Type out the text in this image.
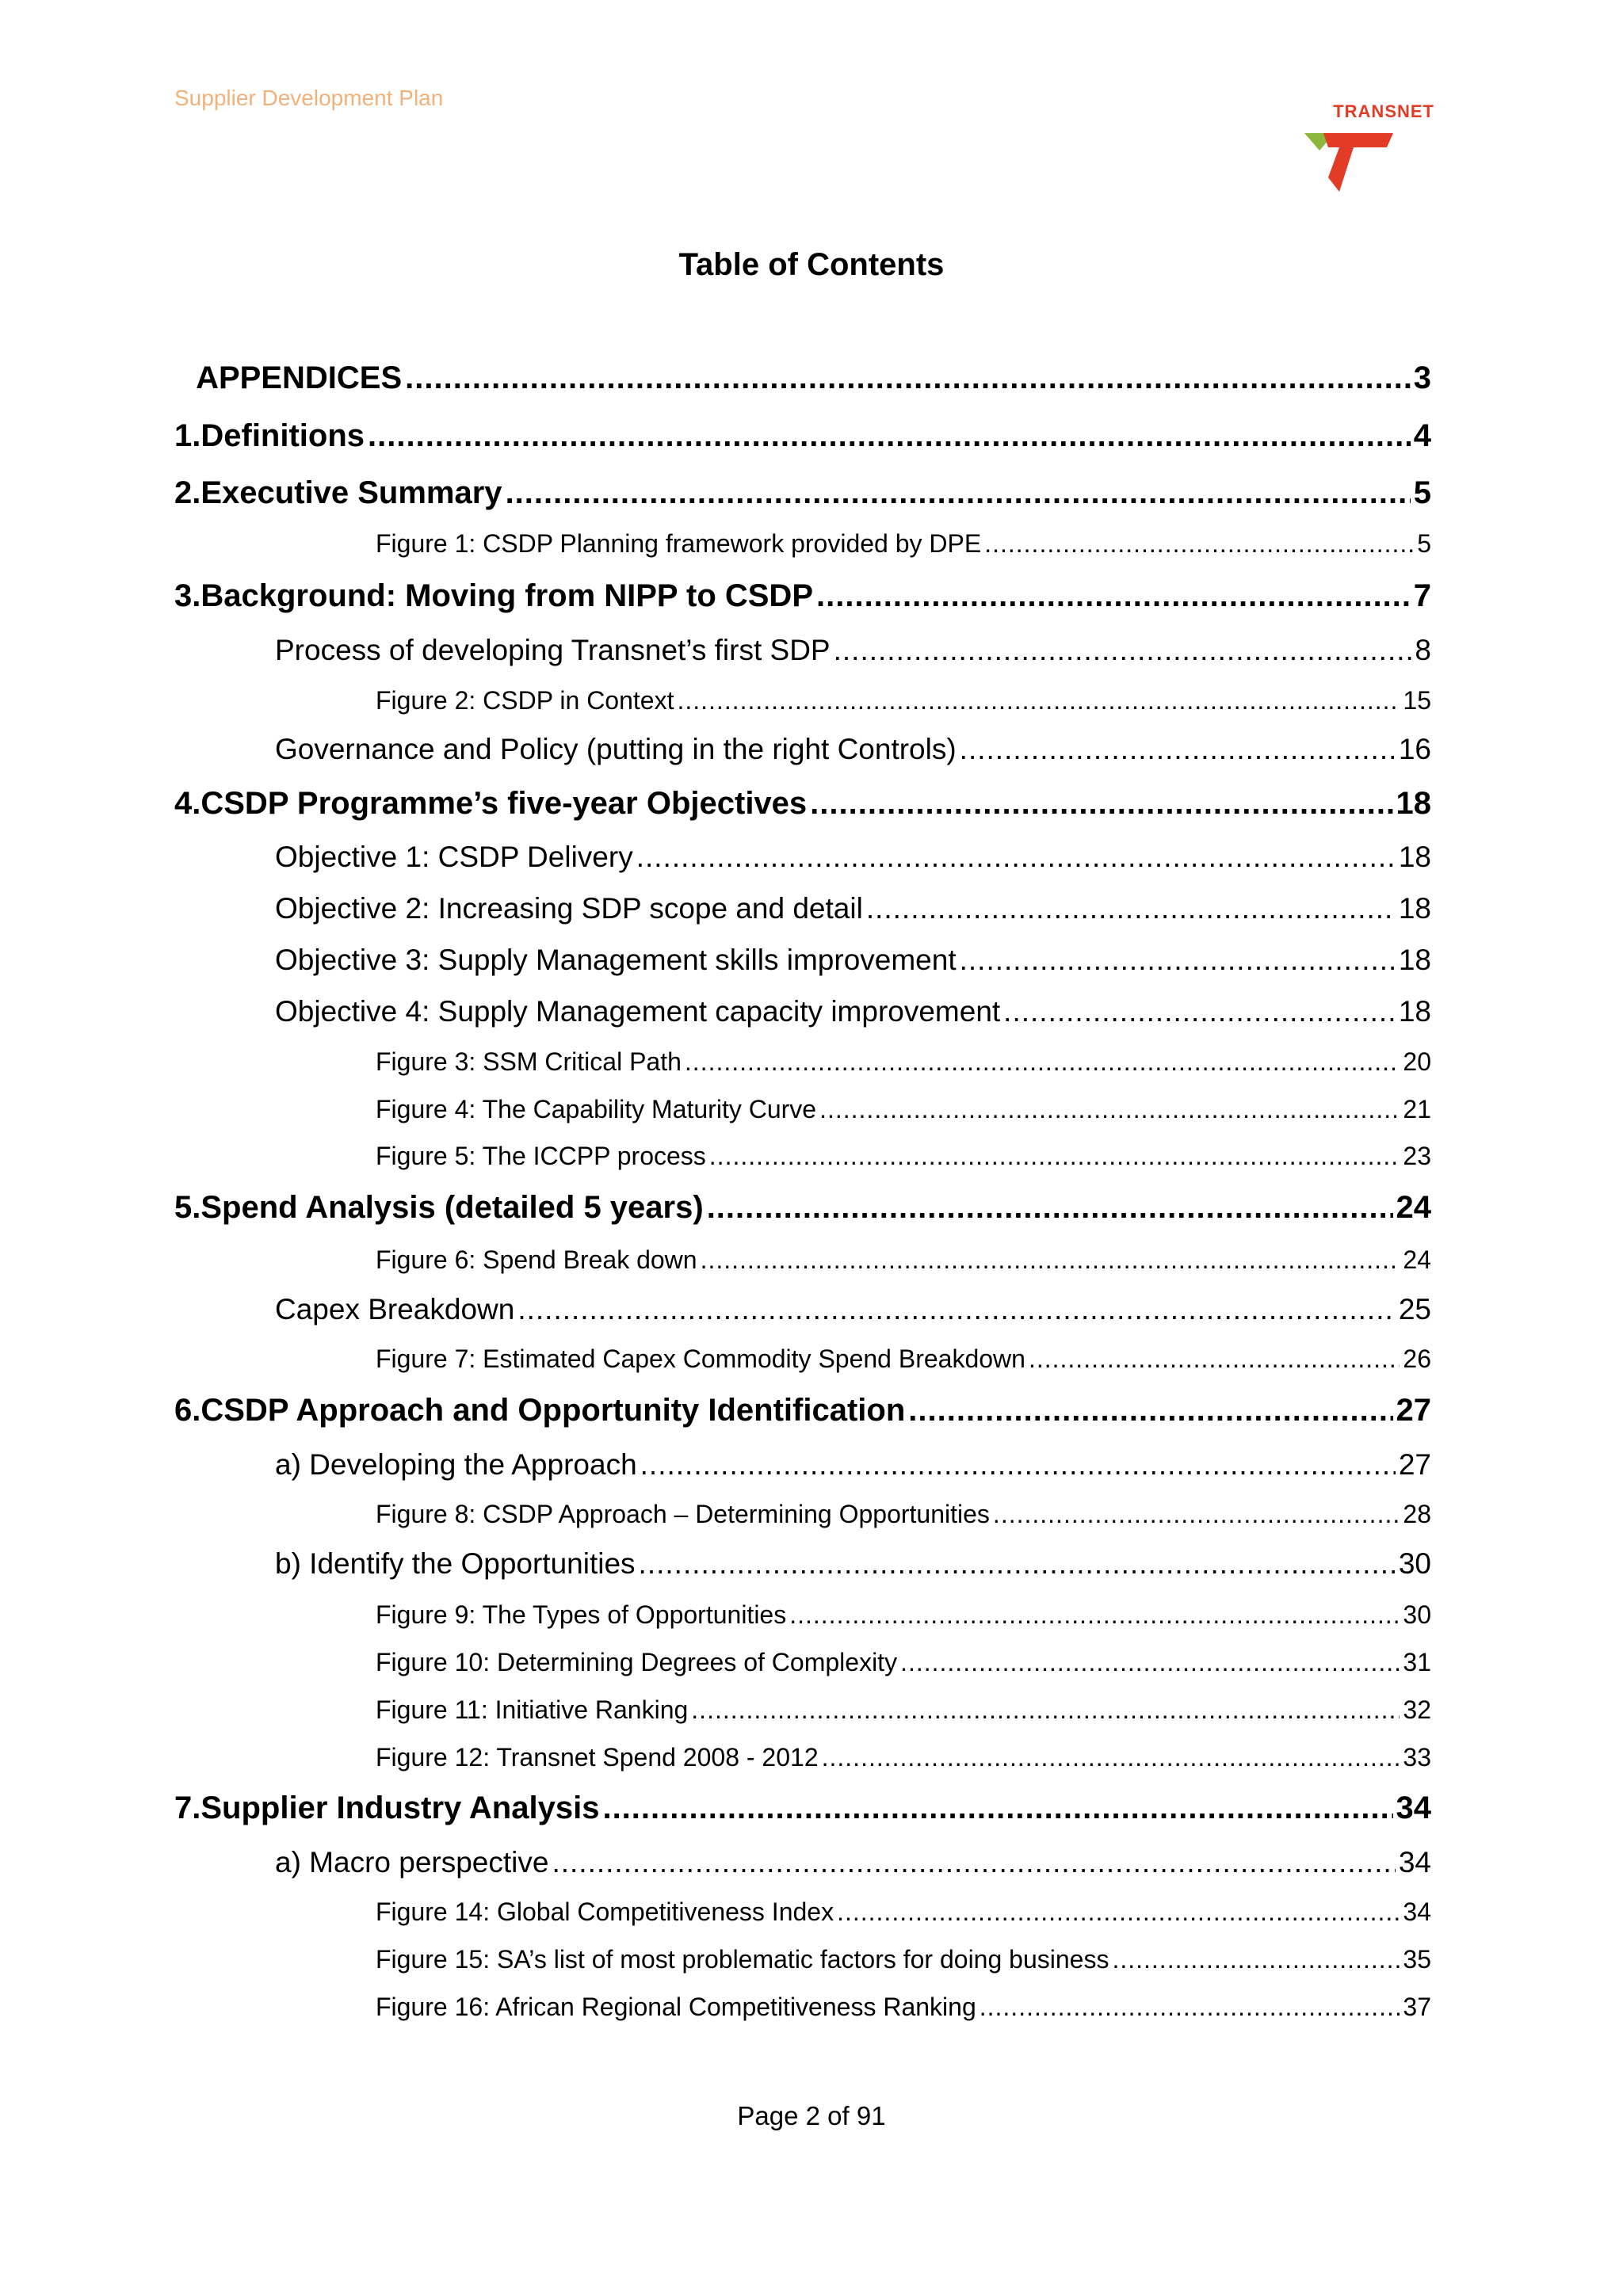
Supplier Development Plan
TRANSNET
Table of Contents
APPENDICES .....	3
1. Definitions .....	4
2. Executive Summary .....	5
Figure 1: CSDP Planning framework provided by DPE .....	5
3. Background: Moving from NIPP to CSDP .....	7
Process of developing Transnet’s first SDP .....	8
Figure 2: CSDP in Context .....	15
Governance and Policy (putting in the right Controls) .....	16
4. CSDP Programme’s five-year Objectives .....	18
Objective 1: CSDP Delivery .....	18
Objective 2: Increasing SDP scope and detail .....	18
Objective 3: Supply Management skills improvement .....	18
Objective 4: Supply Management capacity improvement .....	18
Figure 3: SSM Critical Path .....	20
Figure 4: The Capability Maturity Curve .....	21
Figure 5: The ICCPP process .....	23
5. Spend Analysis (detailed 5 years) .....	24
Figure 6: Spend Break down .....	24
Capex Breakdown .....	25
Figure 7: Estimated Capex Commodity Spend Breakdown .....	26
6. CSDP Approach and Opportunity Identification .....	27
a) Developing the Approach .....	27
Figure 8: CSDP Approach – Determining Opportunities .....	28
b) Identify the Opportunities .....	30
Figure 9: The Types of Opportunities .....	30
Figure 10: Determining Degrees of Complexity .....	31
Figure 11: Initiative Ranking .....	32
Figure 12: Transnet Spend 2008 - 2012 .....	33
7. Supplier Industry Analysis .....	34
a) Macro perspective .....	34
Figure 14: Global Competitiveness Index .....	34
Figure 15: SA’s list of most problematic factors for doing business .....	35
Figure 16: African Regional Competitiveness Ranking .....	37
Page 2 of 91
